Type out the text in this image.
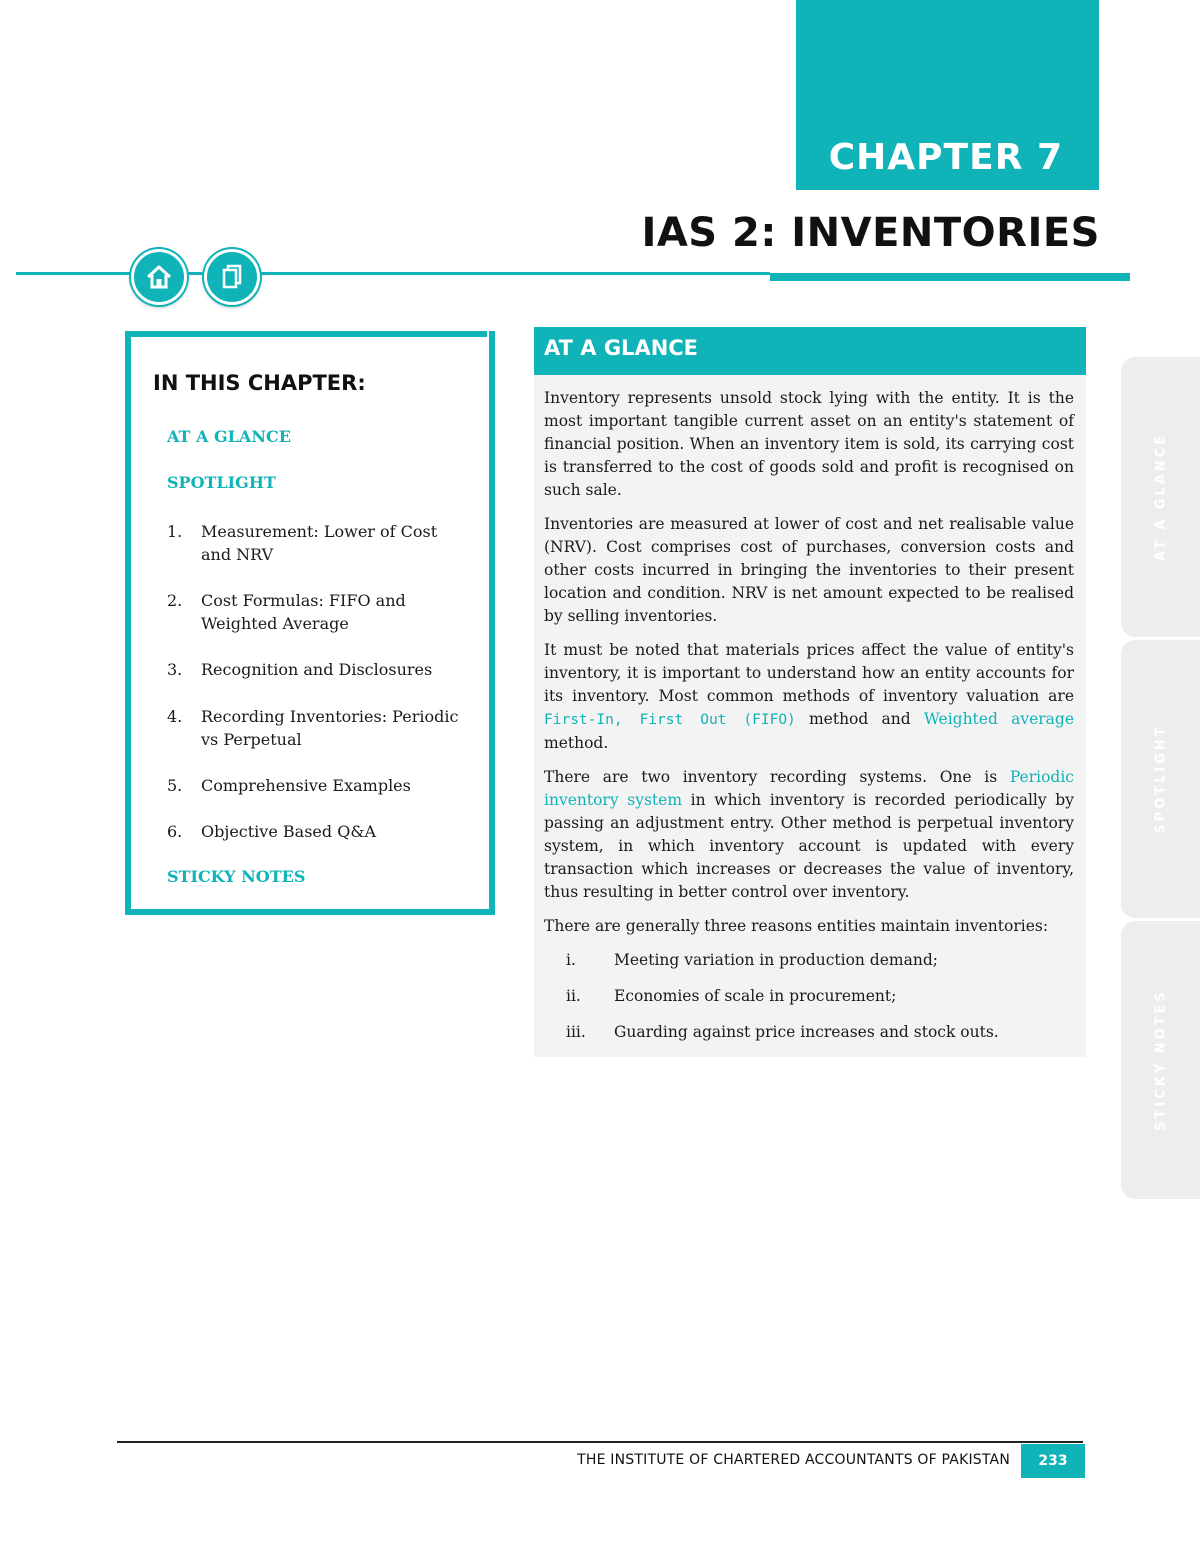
CHAPTER 7
IAS 2: INVENTORIES
IN THIS CHAPTER:
AT A GLANCE
SPOTLIGHT
1. Measurement: Lower of Cost and NRV
2. Cost Formulas: FIFO and Weighted Average
3. Recognition and Disclosures
4. Recording Inventories: Periodic vs Perpetual
5. Comprehensive Examples
6. Objective Based Q&A
STICKY NOTES
AT A GLANCE

Inventory represents unsold stock lying with the entity. It is the most important tangible current asset on an entity's statement of financial position. When an inventory item is sold, its carrying cost is transferred to the cost of goods sold and profit is recognised on such sale.

Inventories are measured at lower of cost and net realisable value (NRV). Cost comprises cost of purchases, conversion costs and other costs incurred in bringing the inventories to their present location and condition. NRV is net amount expected to be realised by selling inventories.

It must be noted that materials prices affect the value of entity's inventory, it is important to understand how an entity accounts for its inventory. Most common methods of inventory valuation are First-In, First Out (FIFO) method and Weighted average method.

There are two inventory recording systems. One is Periodic inventory system in which inventory is recorded periodically by passing an adjustment entry. Other method is perpetual inventory system, in which inventory account is updated with every transaction which increases or decreases the value of inventory, thus resulting in better control over inventory.

There are generally three reasons entities maintain inventories:

i. Meeting variation in production demand;
ii. Economies of scale in procurement;
iii. Guarding against price increases and stock outs.
AT A GLANCE
SPOTLIGHT
STICKY NOTES
THE INSTITUTE OF CHARTERED ACCOUNTANTS OF PAKISTAN	233
